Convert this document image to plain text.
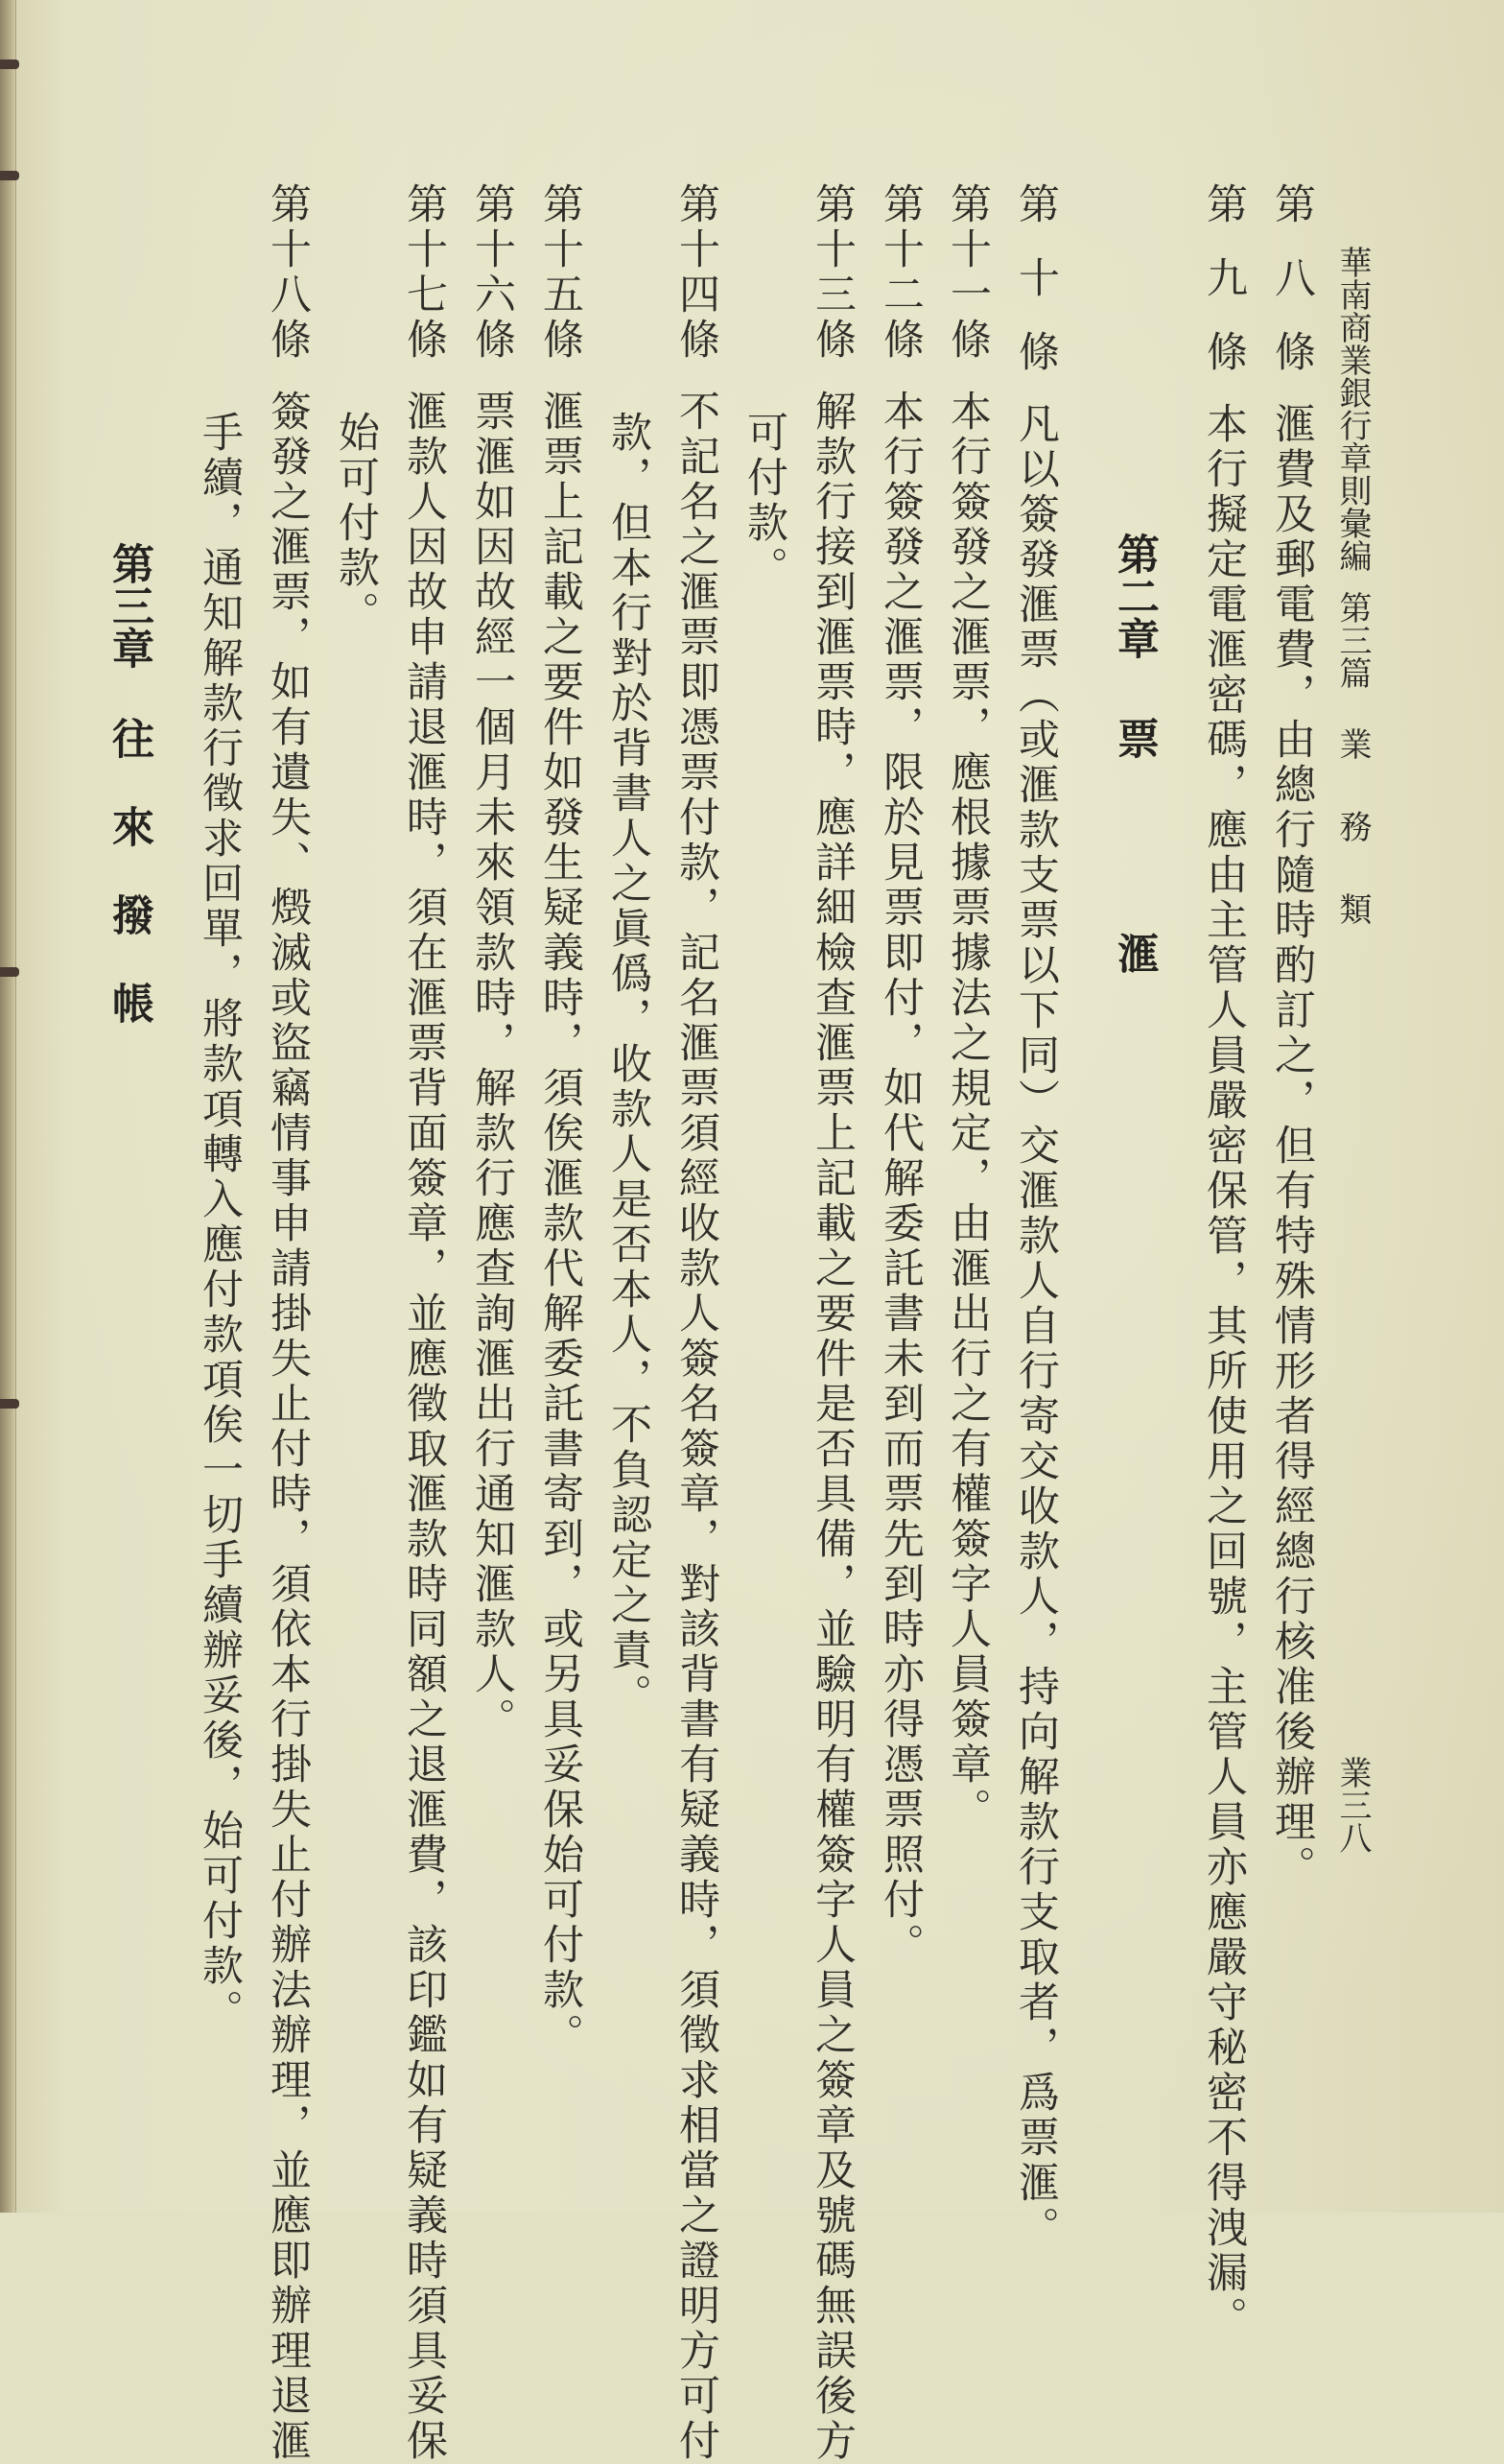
華南商業銀行章則彙編第三篇業務類
業三八
第八條滙費及郵電費，由總行隨時酌訂之，但有特殊情形者得經總行核准後辦理。
第九條本行擬定電滙密碼，應由主管人員嚴密保管，其所使用之回號，主管人員亦應嚴守秘密不得洩漏。
第二章票滙
第十條凡以簽發滙票（或滙款支票以下同）交滙款人自行寄交收款人，持向解款行支取者，爲票滙。
第十一條本行簽發之滙票，應根據票據法之規定，由滙出行之有權簽字人員簽章。
第十二條本行簽發之滙票，限於見票即付，如代解委託書未到而票先到時亦得憑票照付。
第十三條解款行接到滙票時，應詳細檢查滙票上記載之要件是否具備，並驗明有權簽字人員之簽章及號碼無誤後方
可付款。
第十四條不記名之滙票即憑票付款，記名滙票須經收款人簽名簽章，對該背書有疑義時，須徵求相當之證明方可付
款，但本行對於背書人之眞僞，收款人是否本人，不負認定之責。
第十五條滙票上記載之要件如發生疑義時，須俟滙款代解委託書寄到，或另具妥保始可付款。
第十六條票滙如因故經一個月未來領款時，解款行應查詢滙出行通知滙款人。
第十七條滙款人因故申請退滙時，須在滙票背面簽章，並應徵取滙款時同額之退滙費，該印鑑如有疑義時須具妥保
始可付款。
第十八條簽發之滙票，如有遺失、燬滅或盜竊情事申請掛失止付時，須依本行掛失止付辦法辦理，並應即辦理退滙
手續，通知解款行徵求回單，將款項轉入應付款項俟一切手續辦妥後，始可付款。
第三章往來撥帳
